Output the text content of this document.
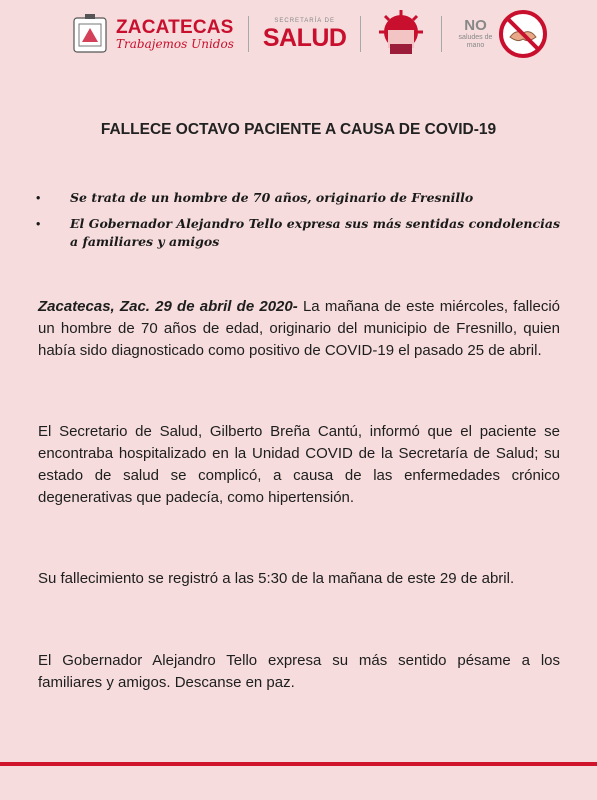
ZACATECAS
Trabajemos Unidos
SECRETARÍA DE
SALUD	NO
saludes de mano
FALLECE OCTAVO PACIENTE A CAUSA DE COVID-19
• Se trata de un hombre de 70 años, originario de Fresnillo
• El Gobernador Alejandro Tello expresa sus más sentidas condolencias a familiares y amigos

Zacatecas, Zac. 29 de abril de 2020- La mañana de este miércoles, falleció un hombre de 70 años de edad, originario del municipio de Fresnillo, quien había sido diagnosticado como positivo de COVID-19 el pasado 25 de abril.

El Secretario de Salud, Gilberto Breña Cantú, informó que el paciente se encontraba hospitalizado en la Unidad COVID de la Secretaría de Salud; su estado de salud se complicó, a causa de las enfermedades crónico degenerativas que padecía, como hipertensión.

Su fallecimiento se registró a las 5:30 de la mañana de este 29 de abril.

El Gobernador Alejandro Tello expresa su más sentido pésame a los familiares y amigos. Descanse en paz.
